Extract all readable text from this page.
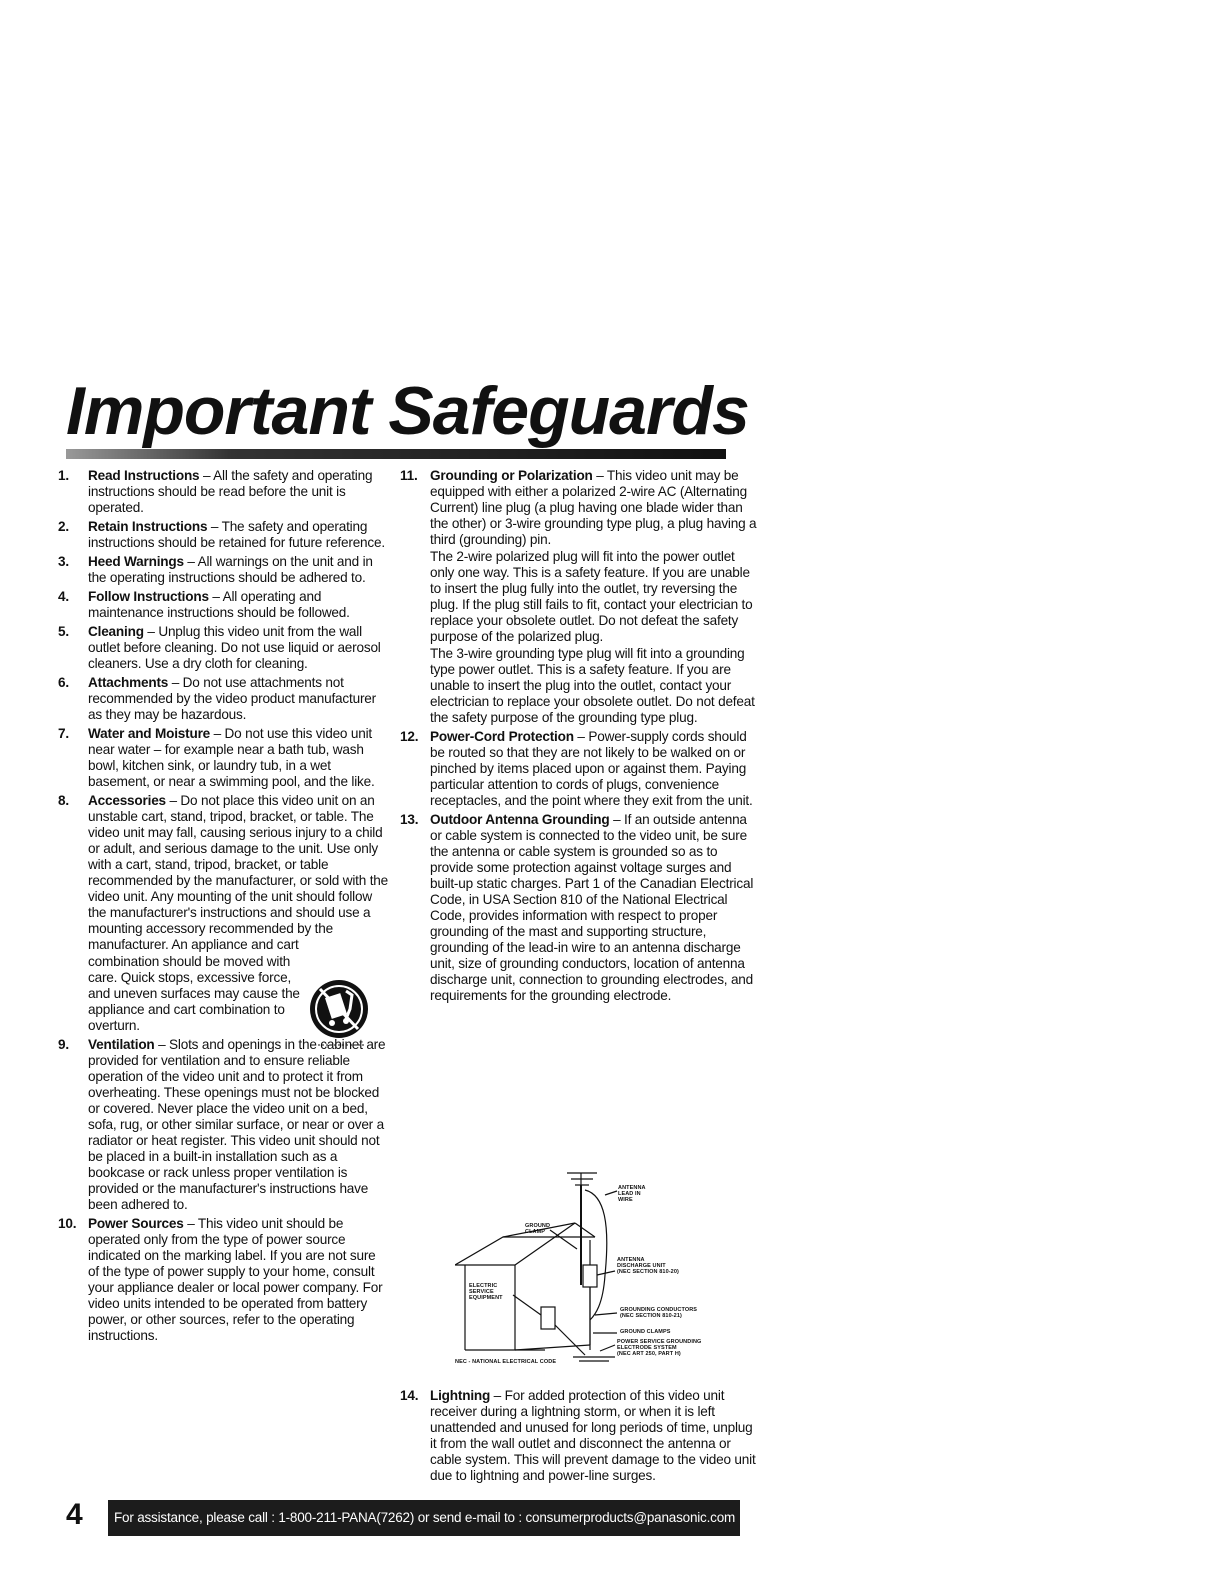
Important Safeguards
1.	Read Instructions – All the safety and operating instructions should be read before the unit is operated.

2.	Retain Instructions – The safety and operating instructions should be retained for future reference.

3.	Heed Warnings – All warnings on the unit and in the operating instructions should be adhered to.

4.	Follow Instructions – All operating and maintenance instructions should be followed.

5.	Cleaning – Unplug this video unit from the wall outlet before cleaning. Do not use liquid or aerosol cleaners. Use a dry cloth for cleaning.

6.	Attachments – Do not use attachments not recommended by the video product manufacturer as they may be hazardous.

7.	Water and Moisture – Do not use this video unit near water – for example near a bath tub, wash bowl, kitchen sink, or laundry tub, in a wet basement, or near a swimming pool, and the like.

8.	Accessories – Do not place this video unit on an unstable cart, stand, tripod, bracket, or table. The video unit may fall, causing serious injury to a child or adult, and serious damage to the unit. Use only with a cart, stand, tripod, bracket, or table recommended by the manufacturer, or sold with the video unit. Any mounting of the unit should follow the manufacturer's instructions and should use a mounting accessory recommended by the manufacturer. An appliance and cart

combination should be moved with care. Quick stops, excessive force, and uneven surfaces may cause the appliance and cart combination to overturn.

9.	Ventilation – Slots and openings in the cabinet are provided for ventilation and to ensure reliable operation of the video unit and to protect it from overheating. These openings must not be blocked or covered. Never place the video unit on a bed, sofa, rug, or other similar surface, or near or over a radiator or heat register. This video unit should not be placed in a built-in installation such as a bookcase or rack unless proper ventilation is provided or the manufacturer's instructions have been adhered to.

10. Power Sources – This video unit should be operated only from the type of power source indicated on the marking label. If you are not sure of the type of power supply to your home, consult your appliance dealer or local power company. For video units intended to be operated from battery power, or other sources, refer to the operating instructions.

11. Grounding or Polarization – This video unit may be equipped with either a polarized 2-wire AC (Alternating Current) line plug (a plug having one blade wider than the other) or 3-wire grounding type plug, a plug having a third (grounding) pin.

The 2-wire polarized plug will fit into the power outlet only one way. This is a safety feature. If you are unable to insert the plug fully into the outlet, try reversing the plug. If the plug still fails to fit, contact your electrician to replace your obsolete outlet. Do not defeat the safety purpose of the polarized plug.

The 3-wire grounding type plug will fit into a grounding type power outlet. This is a safety feature. If you are unable to insert the plug into the outlet, contact your electrician to replace your obsolete outlet. Do not defeat the safety purpose of the grounding type plug.

12. Power-Cord Protection – Power-supply cords should be routed so that they are not likely to be walked on or pinched by items placed upon or against them. Paying particular attention to cords of plugs, convenience receptacles, and the point where they exit from the unit.

13. Outdoor Antenna Grounding – If an outside antenna or cable system is connected to the video unit, be sure the antenna or cable system is grounded so as to provide some protection against voltage surges and built-up static charges. Part 1 of the Canadian Electrical Code, in USA Section 810 of the National Electrical Code, provides information with respect to proper grounding of the mast and supporting structure, grounding of the lead-in wire to an antenna discharge unit, size of grounding conductors, location of antenna discharge unit, connection to grounding electrodes, and requirements for the grounding electrode.

ANTENNA
LEAD IN
WIRE
GROUND
CLAMP
ANTENNA
DISCHARGE UNIT
(NEC SECTION 810-20)
ELECTRIC
SERVICE
EQUIPMENT
GROUNDING CONDUCTORS
(NEC SECTION 810-21)
GROUND CLAMPS
POWER SERVICE GROUNDING
ELECTRODE SYSTEM
(NEC ART 250, PART H)
NEC - NATIONAL ELECTRICAL CODE
14. Lightning – For added protection of this video unit receiver during a lightning storm, or when it is left unattended and unused for long periods of time, unplug it from the wall outlet and disconnect the antenna or cable system. This will prevent damage to the video unit due to lightning and power-line surges.

4	For assistance, please call : 1-800-211-PANA(7262) or send e-mail to : consumerproducts@panasonic.com
